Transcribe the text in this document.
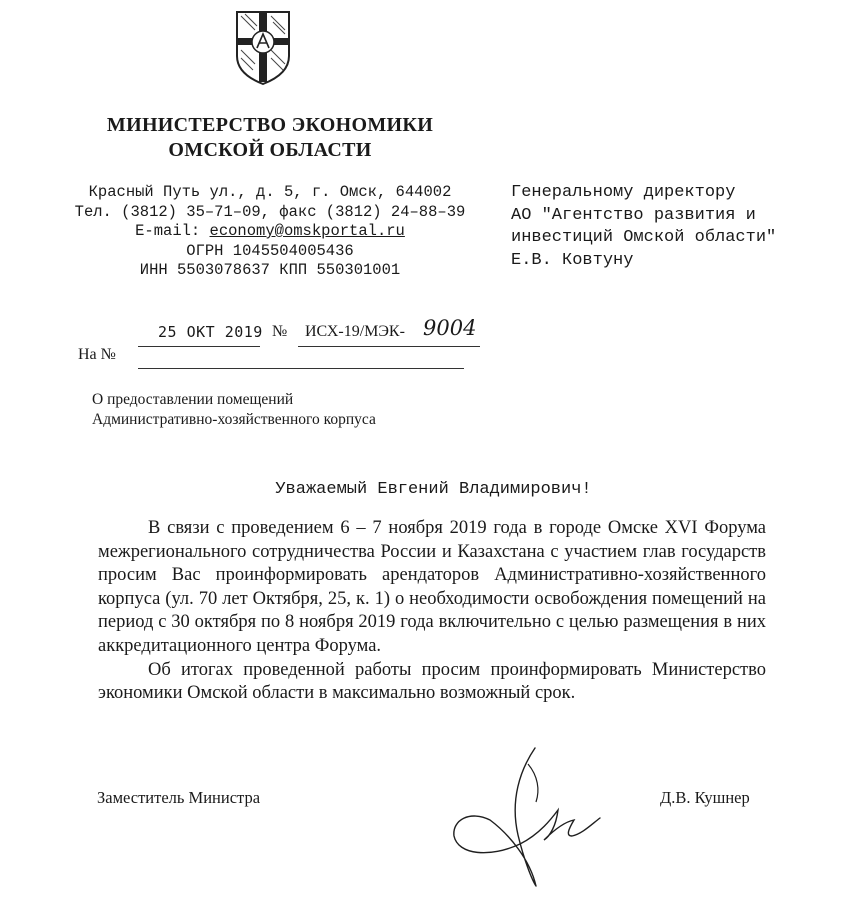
МИНИСТЕРСТВО ЭКОНОМИКИ
ОМСКОЙ ОБЛАСТИ
Красный Путь ул., д. 5, г. Омск, 644002
Тел. (3812) 35–71–09, факс (3812) 24–88–39
E-mail: economy@omskportal.ru
ОГРН 1045504005436
ИНН 5503078637 КПП 550301001
Генеральному директору
АО "Агентство развития и
инвестиций Омской области"
Е.В. Ковтуну
25 ОКТ 2019 № ИСХ-19/МЭК- 9004
На №
О предоставлении помещений
Административно-хозяйственного корпуса
Уважаемый Евгений Владимирович!

В связи с проведением 6 – 7 ноября 2019 года в городе Омске XVI Форума межрегионального сотрудничества России и Казахстана с участием глав государств просим Вас проинформировать арендаторов Административно-хозяйственного корпуса (ул. 70 лет Октября, 25, к. 1) о необходимости освобождения помещений на период с 30 октября по 8 ноября 2019 года включительно с целью размещения в них аккредитационного центра Форума.

Об итогах проведенной работы просим проинформировать Министерство экономики Омской области в максимально возможный срок.

Заместитель Министра	Д.В. Кушнер
